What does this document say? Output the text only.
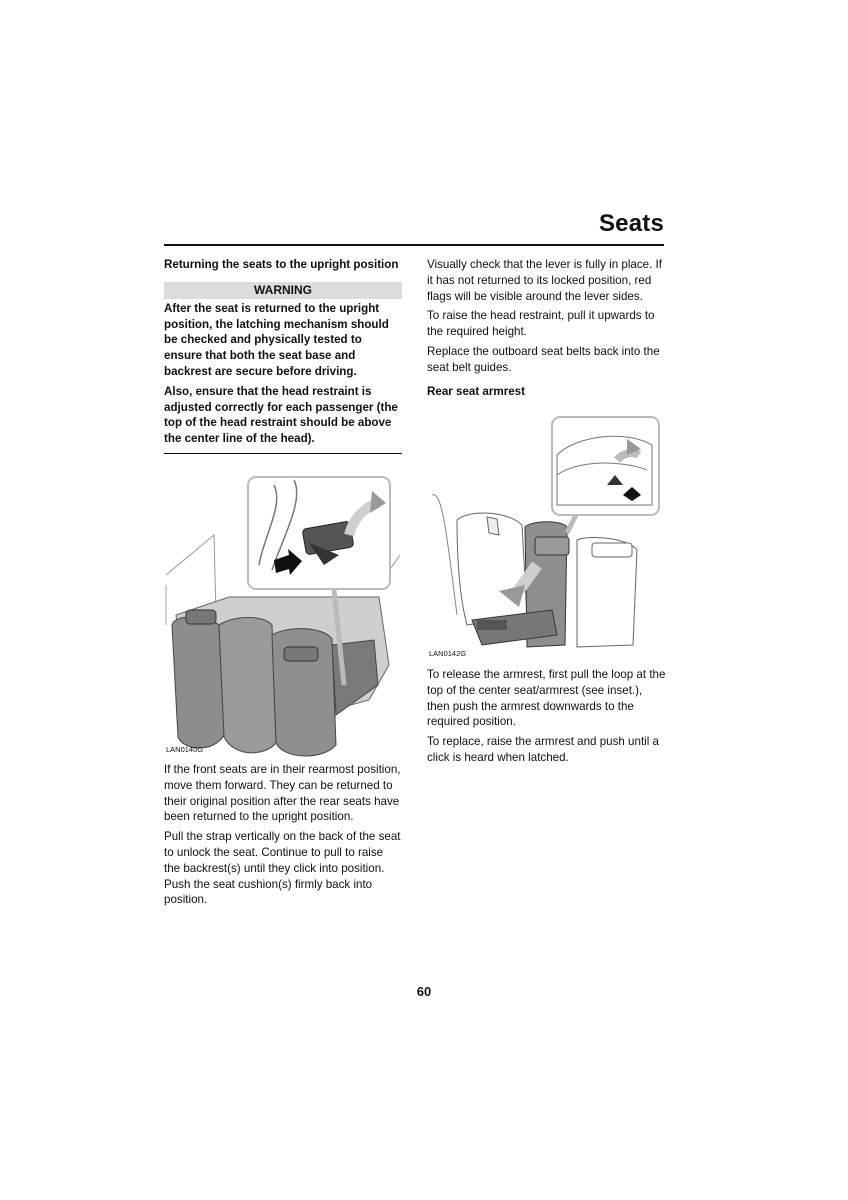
Seats
Returning the seats to the upright position
WARNING

After the seat is returned to the upright position, the latching mechanism should be checked and physically tested to ensure that both the seat base and backrest are secure before driving.

Also, ensure that the head restraint is adjusted correctly for each passenger (the top of the head restraint should be above the center line of the head).

LAN0140G

If the front seats are in their rearmost position, move them forward. They can be returned to their original position after the rear seats have been returned to the upright position.

Pull the strap vertically on the back of the seat to unlock the seat. Continue to pull to raise the backrest(s) until they click into position. Push the seat cushion(s) firmly back into position.

Visually check that the lever is fully in place. If it has not returned to its locked position, red flags will be visible around the lever sides.

To raise the head restraint, pull it upwards to the required height.

Replace the outboard seat belts back into the seat belt guides.

Rear seat armrest
LAN0142G

To release the armrest, first pull the loop at the top of the center seat/armrest (see inset.), then push the armrest downwards to the required position.

To replace, raise the armrest and push until a click is heard when latched.

60
